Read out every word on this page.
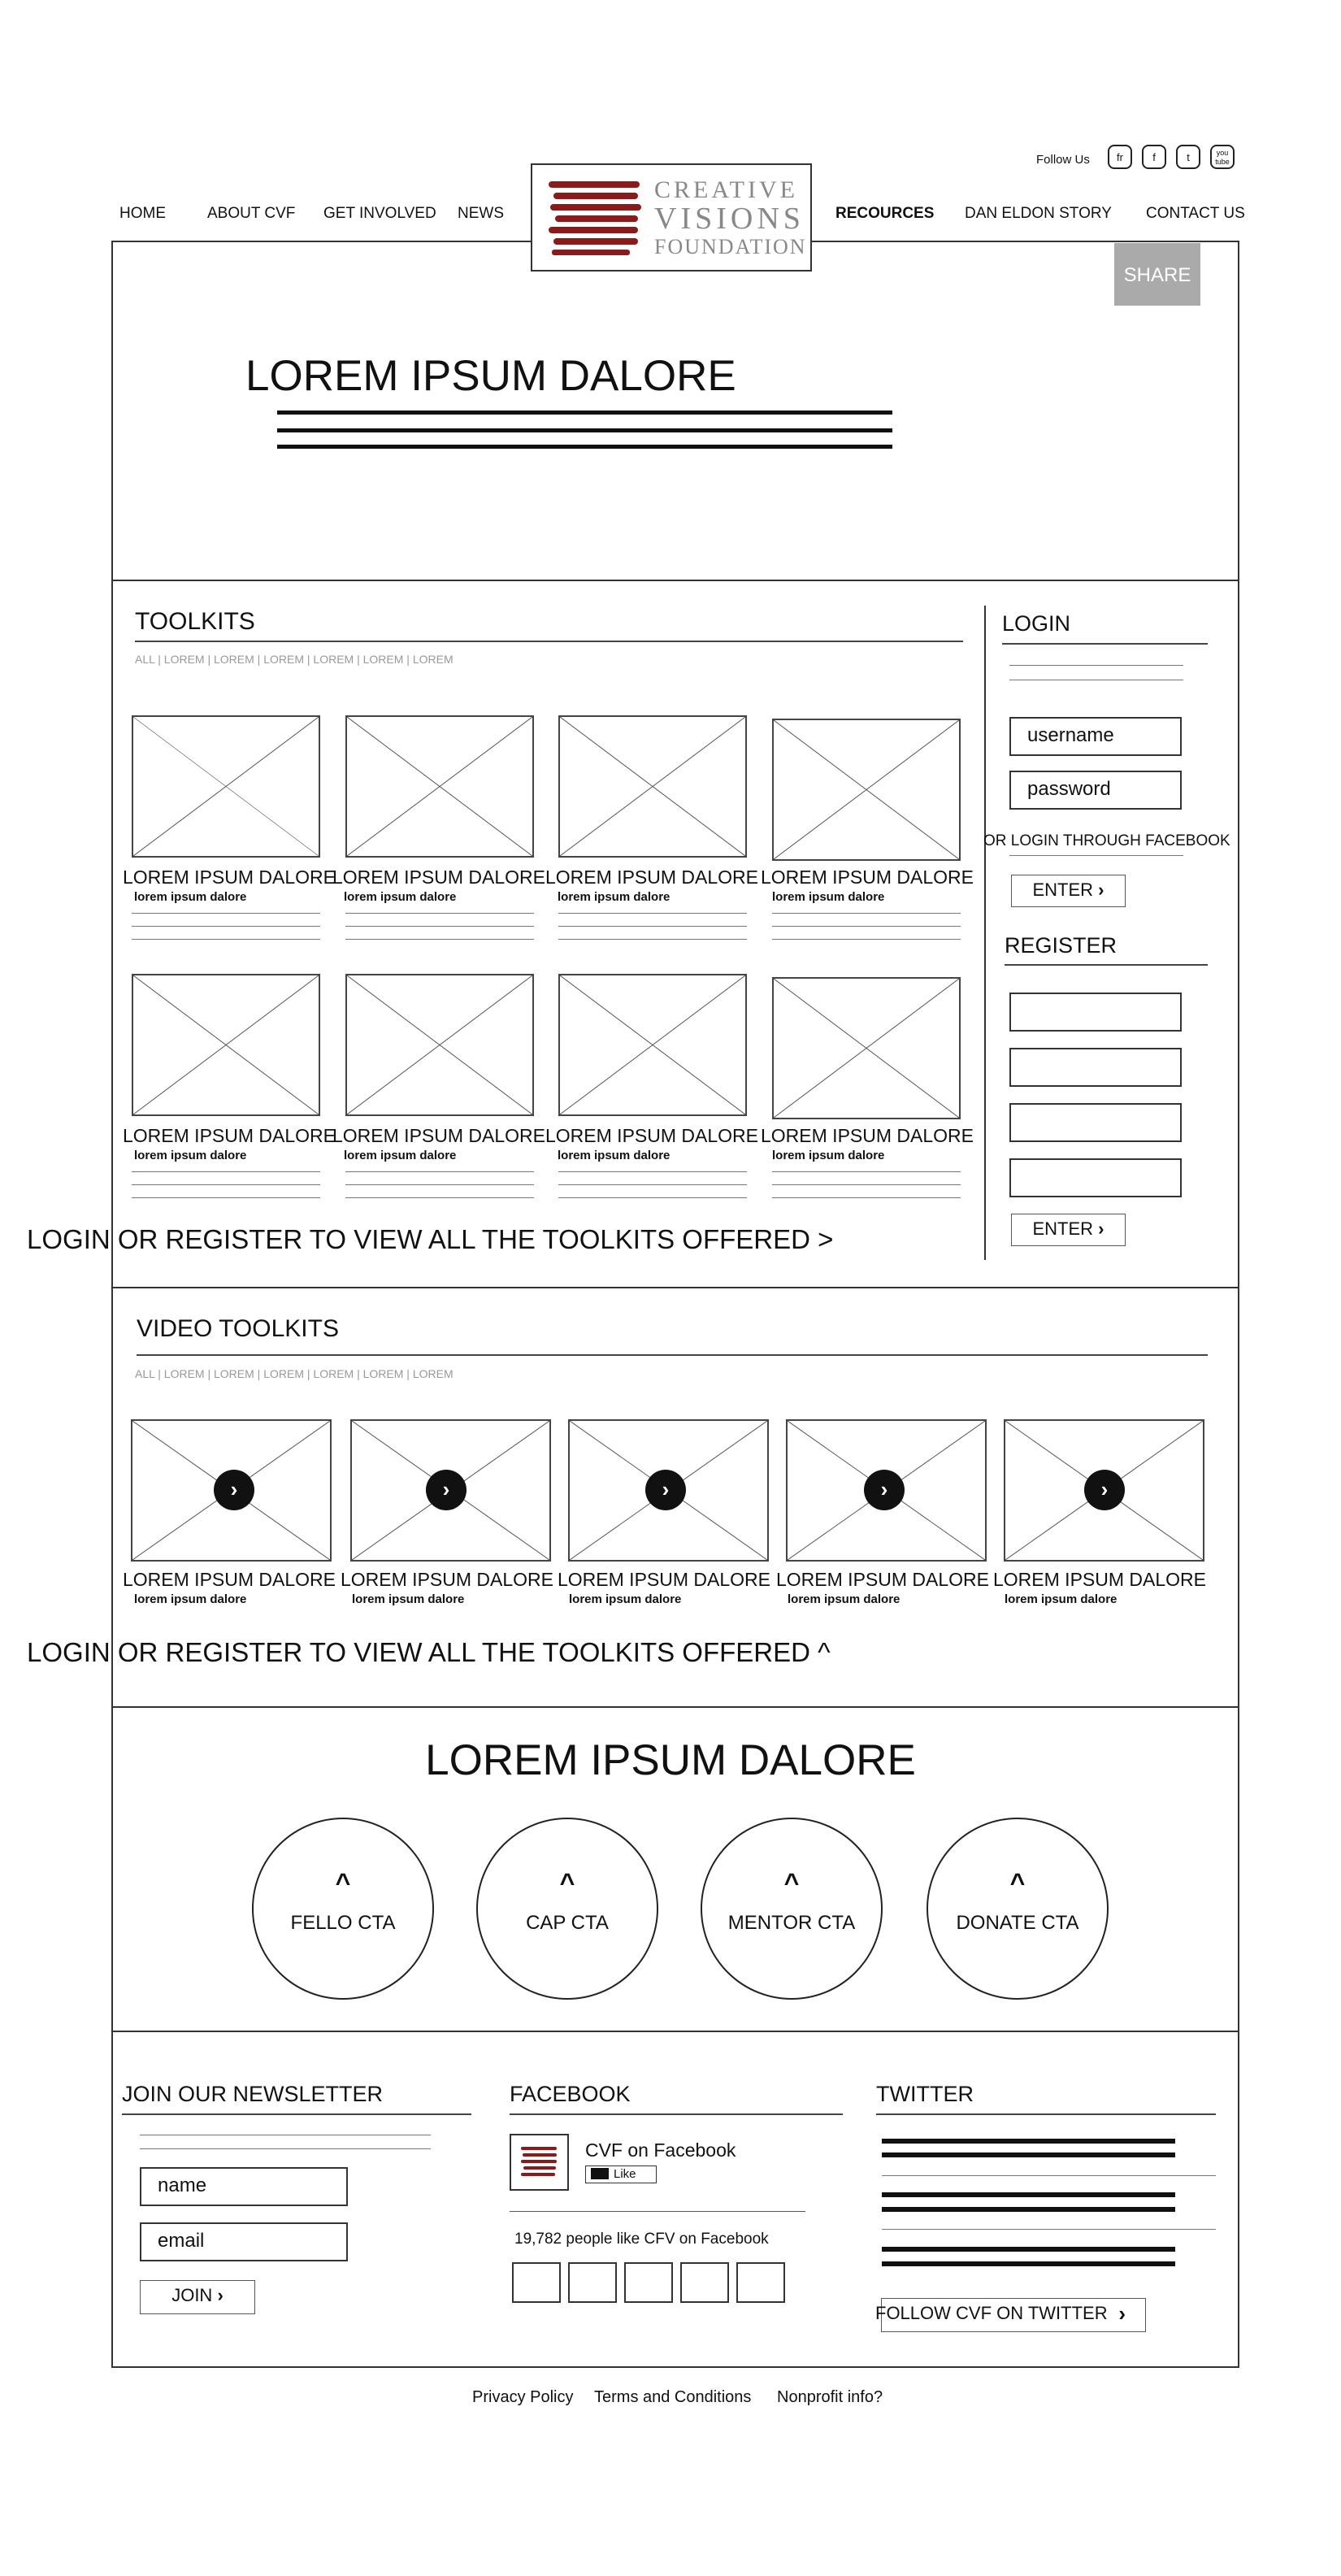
Follow Us	fr	f	t	you tube
HOME	ABOUT CVF GET INVOLVED NEWS	RECOURCES DAN ELDON STORY CONTACT US
CREATIVE
VISIONS
FOUNDATION
SHARE
LOREM IPSUM DALORE
TOOLKITS
ALL | LOREM | LOREM | LOREM | LOREM | LOREM | LOREM
LOREM IPSUM DALORE
LOREM IPSUM DALORE LOREM IPSUM DALORE LOREM IPSUM DALORE
lorem ipsum dalore	lorem ipsum dalore	lorem ipsum dalore	lorem ipsum dalore
LOREM IPSUM DALORE
LOREM IPSUM DALORE LOREM IPSUM DALORE LOREM IPSUM DALORE
lorem ipsum dalore	lorem ipsum dalore	lorem ipsum dalore	lorem ipsum dalore
LOGIN OR REGISTER TO VIEW ALL THE TOOLKITS OFFERED >
LOGIN
username
password
OR LOGIN THROUGH FACEBOOK
ENTER ›
REGISTER
ENTER ›
VIDEO TOOLKITS
ALL | LOREM | LOREM | LOREM | LOREM | LOREM | LOREM
›	›	›	›	›
LOREM IPSUM DALORE LOREM IPSUM DALORE LOREM IPSUM DALORE LOREM IPSUM DALORE LOREM IPSUM DALORE
lorem ipsum dalore	lorem ipsum dalore	lorem ipsum dalore	lorem ipsum dalore	lorem ipsum dalore
LOGIN OR REGISTER TO VIEW ALL THE TOOLKITS OFFERED ^
LOREM IPSUM DALORE
^
FELLO CTA
^
CAP CTA
^
MENTOR CTA
^
DONATE CTA
JOIN OUR NEWSLETTER
name
email
JOIN ›
FACEBOOK
CVF on Facebook
Like
19,782 people like CFV on Facebook
TWITTER
FOLLOW CVF ON TWITTER ›
Privacy Policy Terms and Conditions Nonprofit info?
